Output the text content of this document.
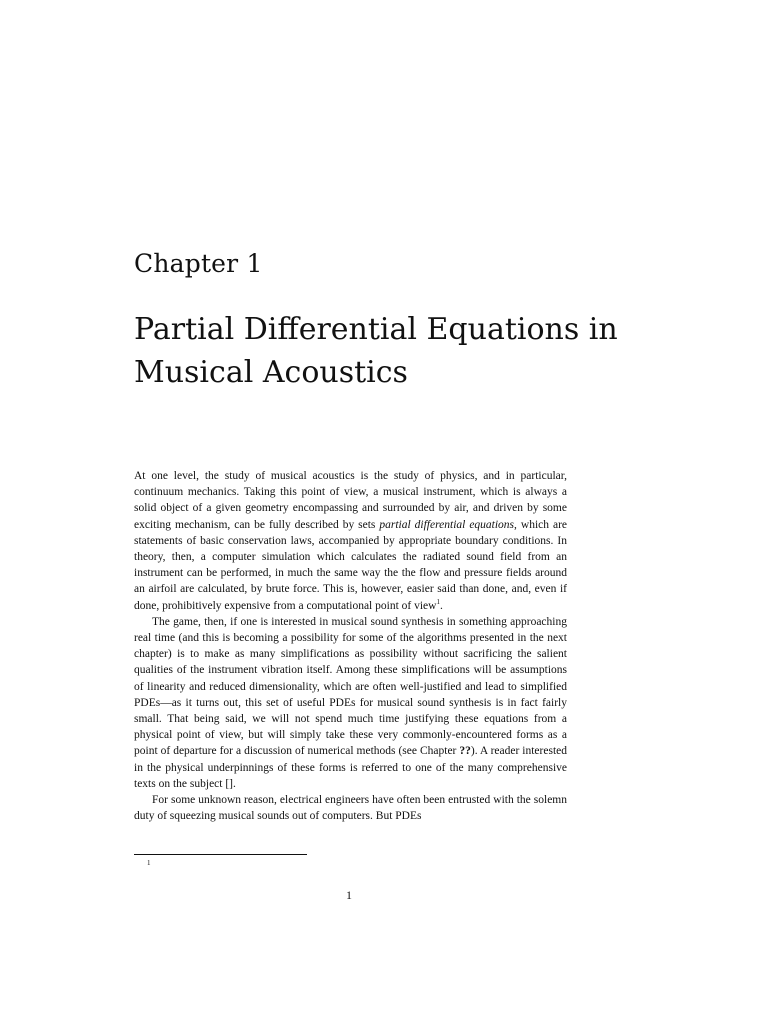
Chapter 1
Partial Differential Equations in Musical Acoustics

At one level, the study of musical acoustics is the study of physics, and in particular, continuum mechanics. Taking this point of view, a musical instrument, which is always a solid object of a given geometry encompassing and surrounded by air, and driven by some exciting mechanism, can be fully described by sets partial differential equations, which are statements of basic conservation laws, accompanied by appropriate boundary conditions. In theory, then, a computer simulation which calculates the radiated sound field from an instrument can be performed, in much the same way the the flow and pressure fields around an airfoil are calculated, by brute force. This is, however, easier said than done, and, even if done, prohibitively expensive from a computational point of view$^1$.

The game, then, if one is interested in musical sound synthesis in something approaching real time (and this is becoming a possibility for some of the algorithms presented in the next chapter) is to make as many simplifications as possibility without sacrificing the salient qualities of the instrument vibration itself. Among these simplifications will be assumptions of linearity and reduced dimensionality, which are often well-justified and lead to simplified PDEs—as it turns out, this set of useful PDEs for musical sound synthesis is in fact fairly small. That being said, we will not spend much time justifying these equations from a physical point of view, but will simply take these very commonly-encountered forms as a point of departure for a discussion of numerical methods (see Chapter ??). A reader interested in the physical underpinnings of these forms is referred to one of the many comprehensive texts on the subject [].

For some unknown reason, electrical engineers have often been entrusted with the solemn duty of squeezing musical sounds out of computers. But PDEs

1
1
